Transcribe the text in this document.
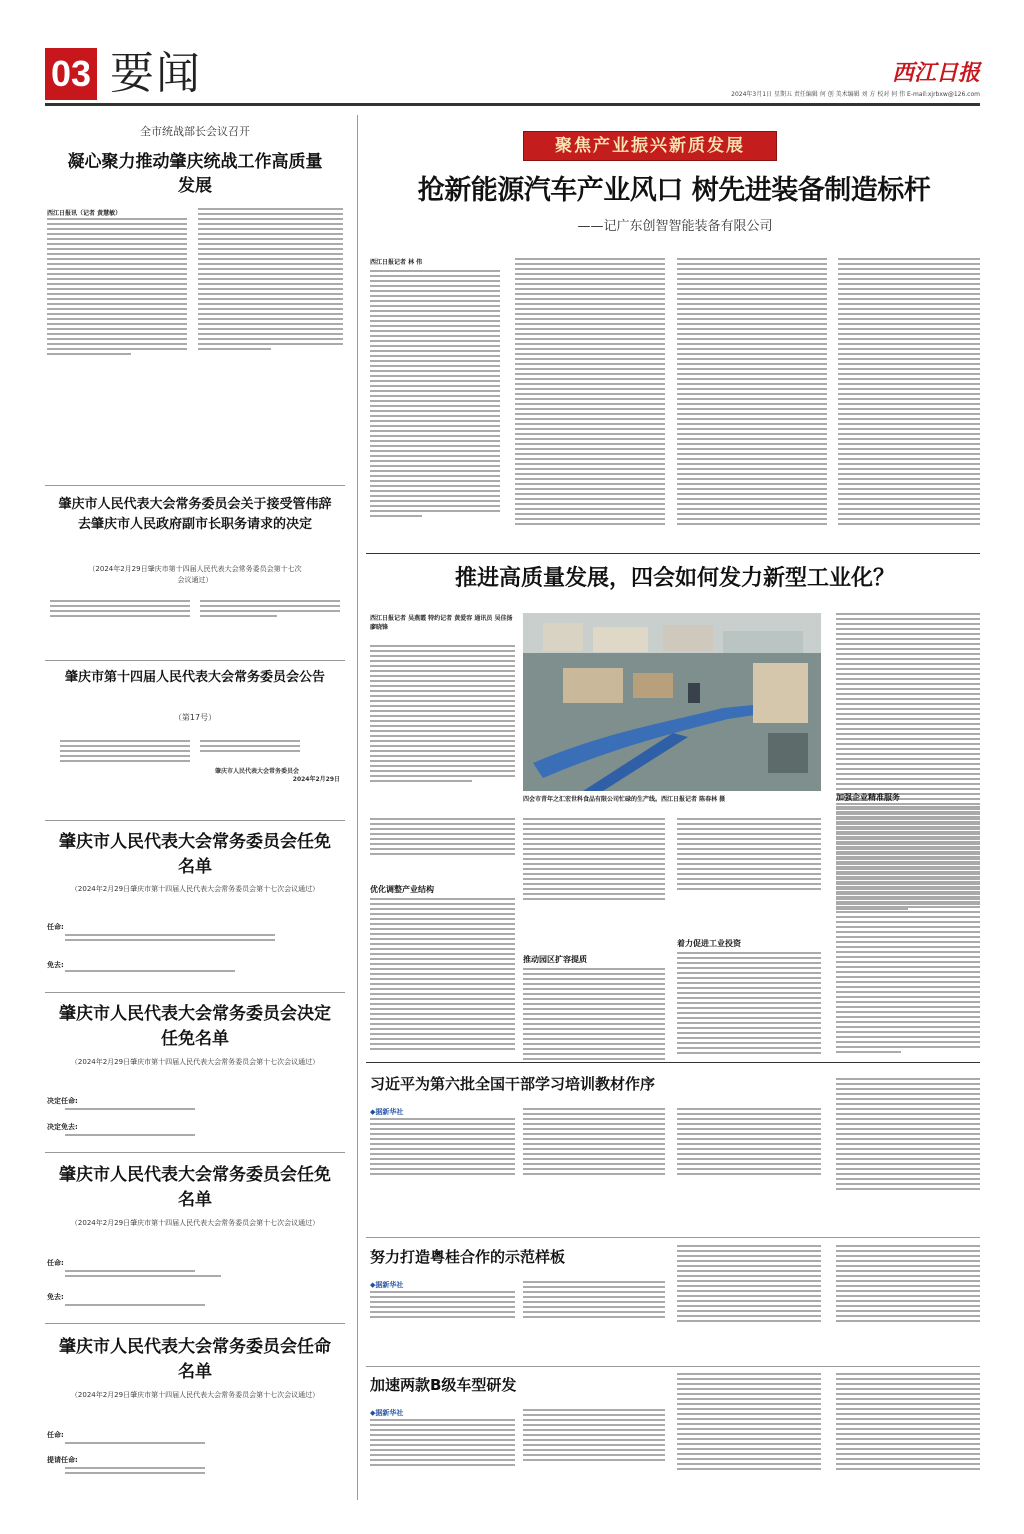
03 要闻	西江日报
2024年3月1日 星期五 责任编辑 何 创 美术编辑 刘 方 校对 何 伟 E-mail:xjrbxw@126.com
全市统战部长会议召开
凝心聚力推动肇庆统战工作高质量发展
西江日报讯（记者 黄慧敏）
肇庆市人民代表大会常务委员会关于接受管伟辞去肇庆市人民政府副市长职务请求的决定
（2024年2月29日肇庆市第十四届人民代表大会常务委员会第十七次会议通过）
肇庆市第十四届人民代表大会常务委员会公告
（第17号）
肇庆市人民代表大会常务委员会
2024年2月29日
肇庆市人民代表大会常务委员会任免名单
（2024年2月29日肇庆市第十四届人民代表大会常务委员会第十七次会议通过）
任命:
免去:
肇庆市人民代表大会常务委员会决定任免名单
（2024年2月29日肇庆市第十四届人民代表大会常务委员会第十七次会议通过）
决定任命:
决定免去:
肇庆市人民代表大会常务委员会任免名单
（2024年2月29日肇庆市第十四届人民代表大会常务委员会第十七次会议通过）
任命:
免去:
肇庆市人民代表大会常务委员会任命名单
（2024年2月29日肇庆市第十四届人民代表大会常务委员会第十七次会议通过）
任命:
提请任命:
聚焦产业振兴新质发展
抢新能源汽车产业风口 树先进装备制造标杆
——记广东创智智能装备有限公司
西江日报记者 林 伟
推进高质量发展，四会如何发力新型工业化？
西江日报记者 吴燕霞 特约记者 黄爱容 通讯员 吴佳扬 廖晓锋
四会市青年之汇宏世科食品有限公司忙碌的生产线。西江日报记者 陈春林 摄
优化调整产业结构
推动园区扩容提质
着力促进工业投资
加强企业精准服务
习近平为第六批全国干部学习培训教材作序
◆据新华社
努力打造粤桂合作的示范样板
◆据新华社
加速两款B级车型研发
◆据新华社
